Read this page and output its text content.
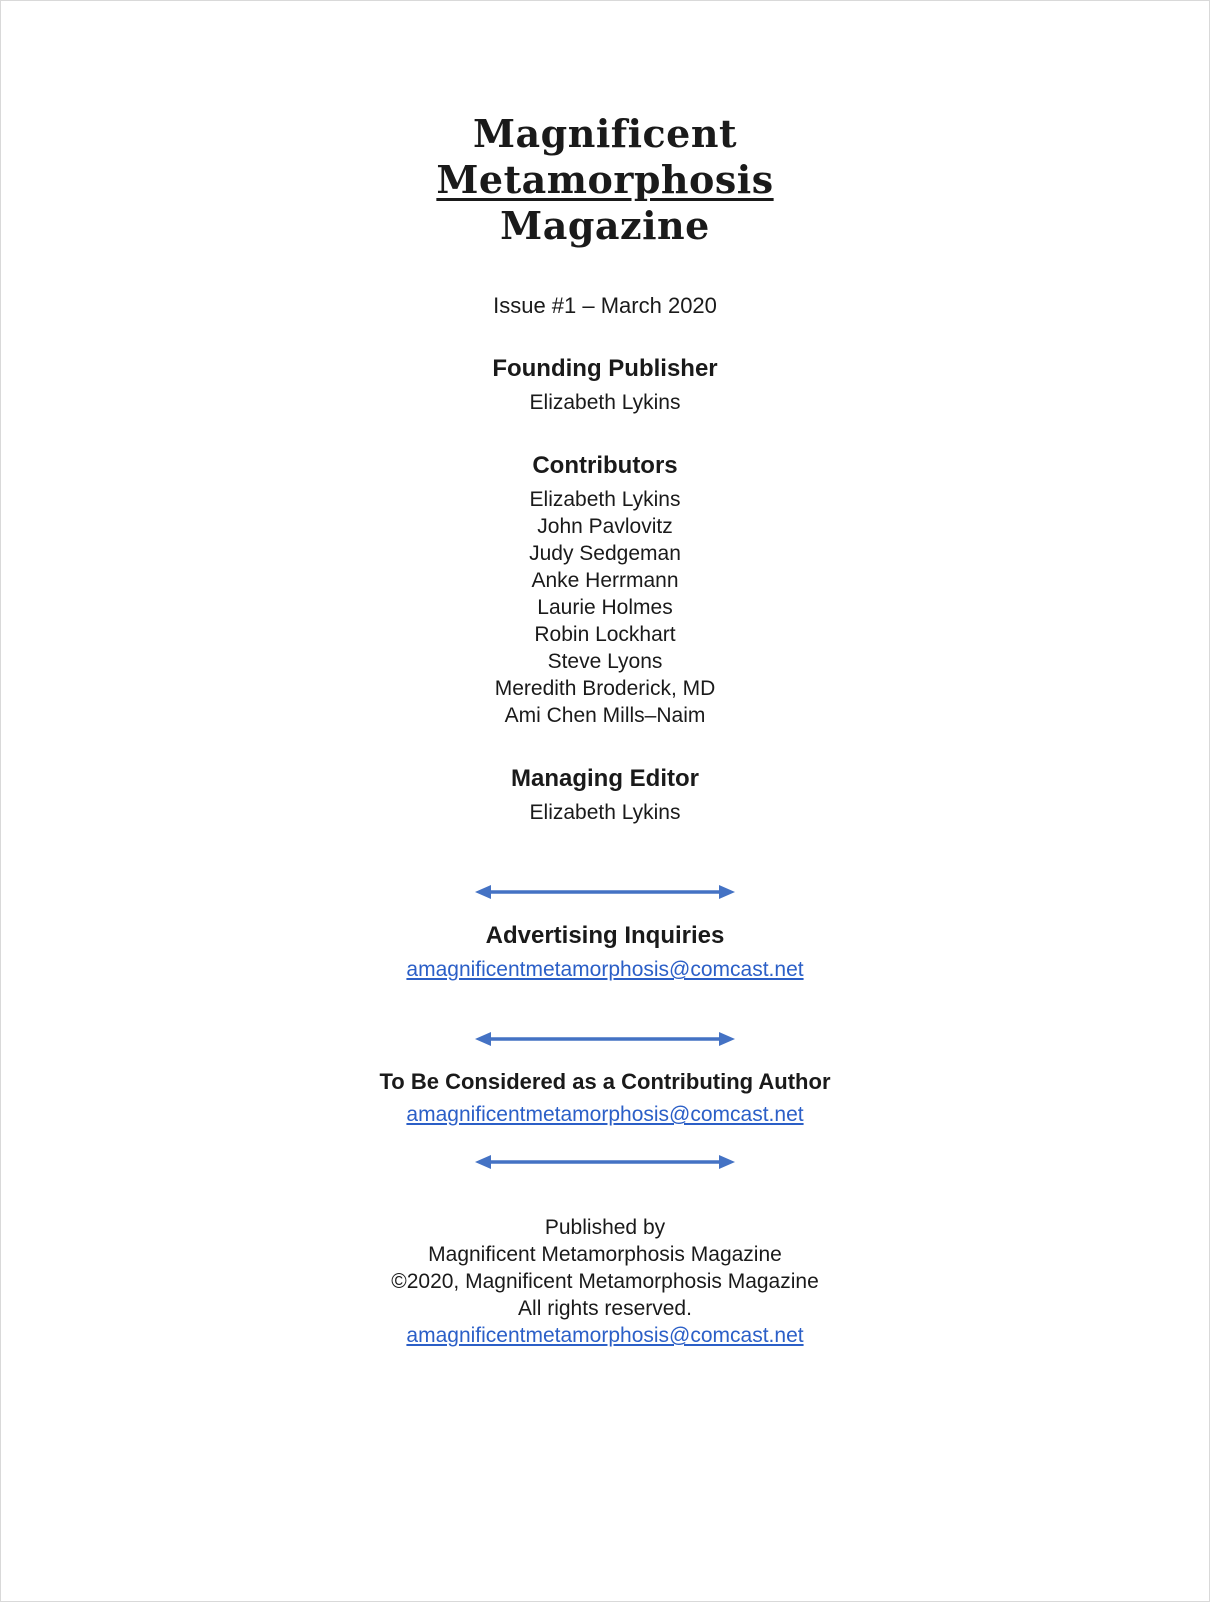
Magnificent
Metamorphosis
Magazine
Issue #1 – March 2020
Founding Publisher
Elizabeth Lykins
Contributors
Elizabeth Lykins
John Pavlovitz
Judy Sedgeman
Anke Herrmann
Laurie Holmes
Robin Lockhart
Steve Lyons
Meredith Broderick, MD
Ami Chen Mills–Naim
Managing Editor
Elizabeth Lykins
Advertising Inquiries
amagnificentmetamorphosis@comcast.net
To Be Considered as a Contributing Author
amagnificentmetamorphosis@comcast.net
Published by
Magnificent Metamorphosis Magazine
©2020, Magnificent Metamorphosis Magazine
All rights reserved.
amagnificentmetamorphosis@comcast.net
